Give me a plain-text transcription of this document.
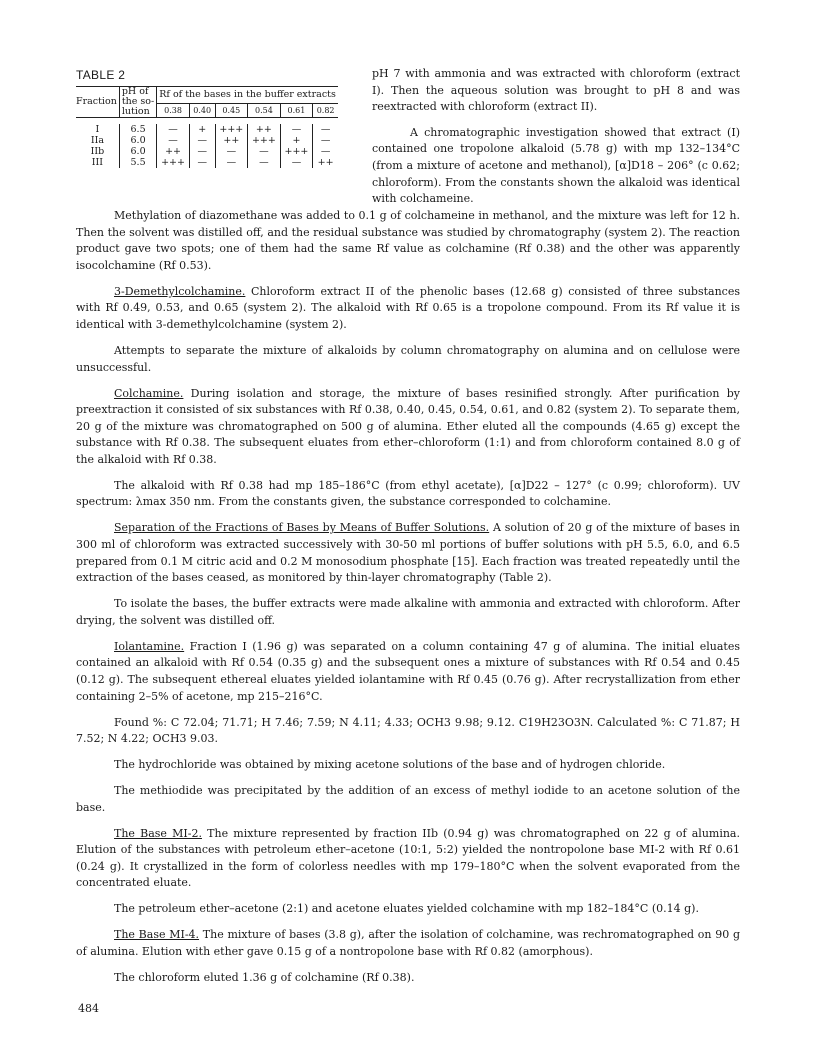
TABLE 2
Fraction	pH of
the so-
lution	Rf of the bases in the buffer extracts					
		0.38	0.40	0.45	0.54	0.61	0.82

I	6.5	—	+	+++	++	—	—
IIa	6.0	—	—	++	+++	+	—
IIb	6.0	++	—	—	—	+++	—
III	5.5	+++	—	—	—	—	++

pH 7 with ammonia and was extracted with chloroform (extract I). Then the aqueous solution was brought to pH 8 and was reextracted with chloroform (extract II).

A chromatographic investigation showed that extract (I) contained one tropolone alkaloid (5.78 g) with mp 132–134°C (from a mixture of acetone and methanol), [α]D18 – 206° (c 0.62; chloroform). From the constants shown the alkaloid was identical with colchameine.

Methylation of diazomethane was added to 0.1 g of colchameine in methanol, and the mixture was left for 12 h. Then the solvent was distilled off, and the residual substance was studied by chromatography (system 2). The reaction product gave two spots; one of them had the same Rf value as colchamine (Rf 0.38) and the other was apparently isocolchamine (Rf 0.53).

3-Demethylcolchamine. Chloroform extract II of the phenolic bases (12.68 g) consisted of three substances with Rf 0.49, 0.53, and 0.65 (system 2). The alkaloid with Rf 0.65 is a tropolone compound. From its Rf value it is identical with 3-demethylcolchamine (system 2).

Attempts to separate the mixture of alkaloids by column chromatography on alumina and on cellulose were unsuccessful.

Colchamine. During isolation and storage, the mixture of bases resinified strongly. After purification by preextraction it consisted of six substances with Rf 0.38, 0.40, 0.45, 0.54, 0.61, and 0.82 (system 2). To separate them, 20 g of the mixture was chromatographed on 500 g of alumina. Ether eluted all the compounds (4.65 g) except the substance with Rf 0.38. The subsequent eluates from ether–chloroform (1:1) and from chloroform contained 8.0 g of the alkaloid with Rf 0.38.

The alkaloid with Rf 0.38 had mp 185–186°C (from ethyl acetate), [α]D22 – 127° (c 0.99; chloroform). UV spectrum: λmax 350 nm. From the constants given, the substance corresponded to colchamine.

Separation of the Fractions of Bases by Means of Buffer Solutions. A solution of 20 g of the mixture of bases in 300 ml of chloroform was extracted successively with 30-50 ml portions of buffer solutions with pH 5.5, 6.0, and 6.5 prepared from 0.1 M citric acid and 0.2 M monosodium phosphate [15]. Each fraction was treated repeatedly until the extraction of the bases ceased, as monitored by thin-layer chromatography (Table 2).

To isolate the bases, the buffer extracts were made alkaline with ammonia and extracted with chloroform. After drying, the solvent was distilled off.

Iolantamine. Fraction I (1.96 g) was separated on a column containing 47 g of alumina. The initial eluates contained an alkaloid with Rf 0.54 (0.35 g) and the subsequent ones a mixture of substances with Rf 0.54 and 0.45 (0.12 g). The subsequent ethereal eluates yielded iolantamine with Rf 0.45 (0.76 g). After recrystallization from ether containing 2–5% of acetone, mp 215–216°C.

Found %: C 72.04; 71.71; H 7.46; 7.59; N 4.11; 4.33; OCH3 9.98; 9.12. C19H23O3N. Calculated %: C 71.87; H 7.52; N 4.22; OCH3 9.03.

The hydrochloride was obtained by mixing acetone solutions of the base and of hydrogen chloride.

The methiodide was precipitated by the addition of an excess of methyl iodide to an acetone solution of the base.

The Base MI-2. The mixture represented by fraction IIb (0.94 g) was chromatographed on 22 g of alumina. Elution of the substances with petroleum ether–acetone (10:1, 5:2) yielded the nontropolone base MI-2 with Rf 0.61 (0.24 g). It crystallized in the form of colorless needles with mp 179–180°C when the solvent evaporated from the concentrated eluate.

The petroleum ether–acetone (2:1) and acetone eluates yielded colchamine with mp 182–184°C (0.14 g).

The Base MI-4. The mixture of bases (3.8 g), after the isolation of colchamine, was rechromatographed on 90 g of alumina. Elution with ether gave 0.15 g of a nontropolone base with Rf 0.82 (amorphous).

The chloroform eluted 1.36 g of colchamine (Rf 0.38).

484
